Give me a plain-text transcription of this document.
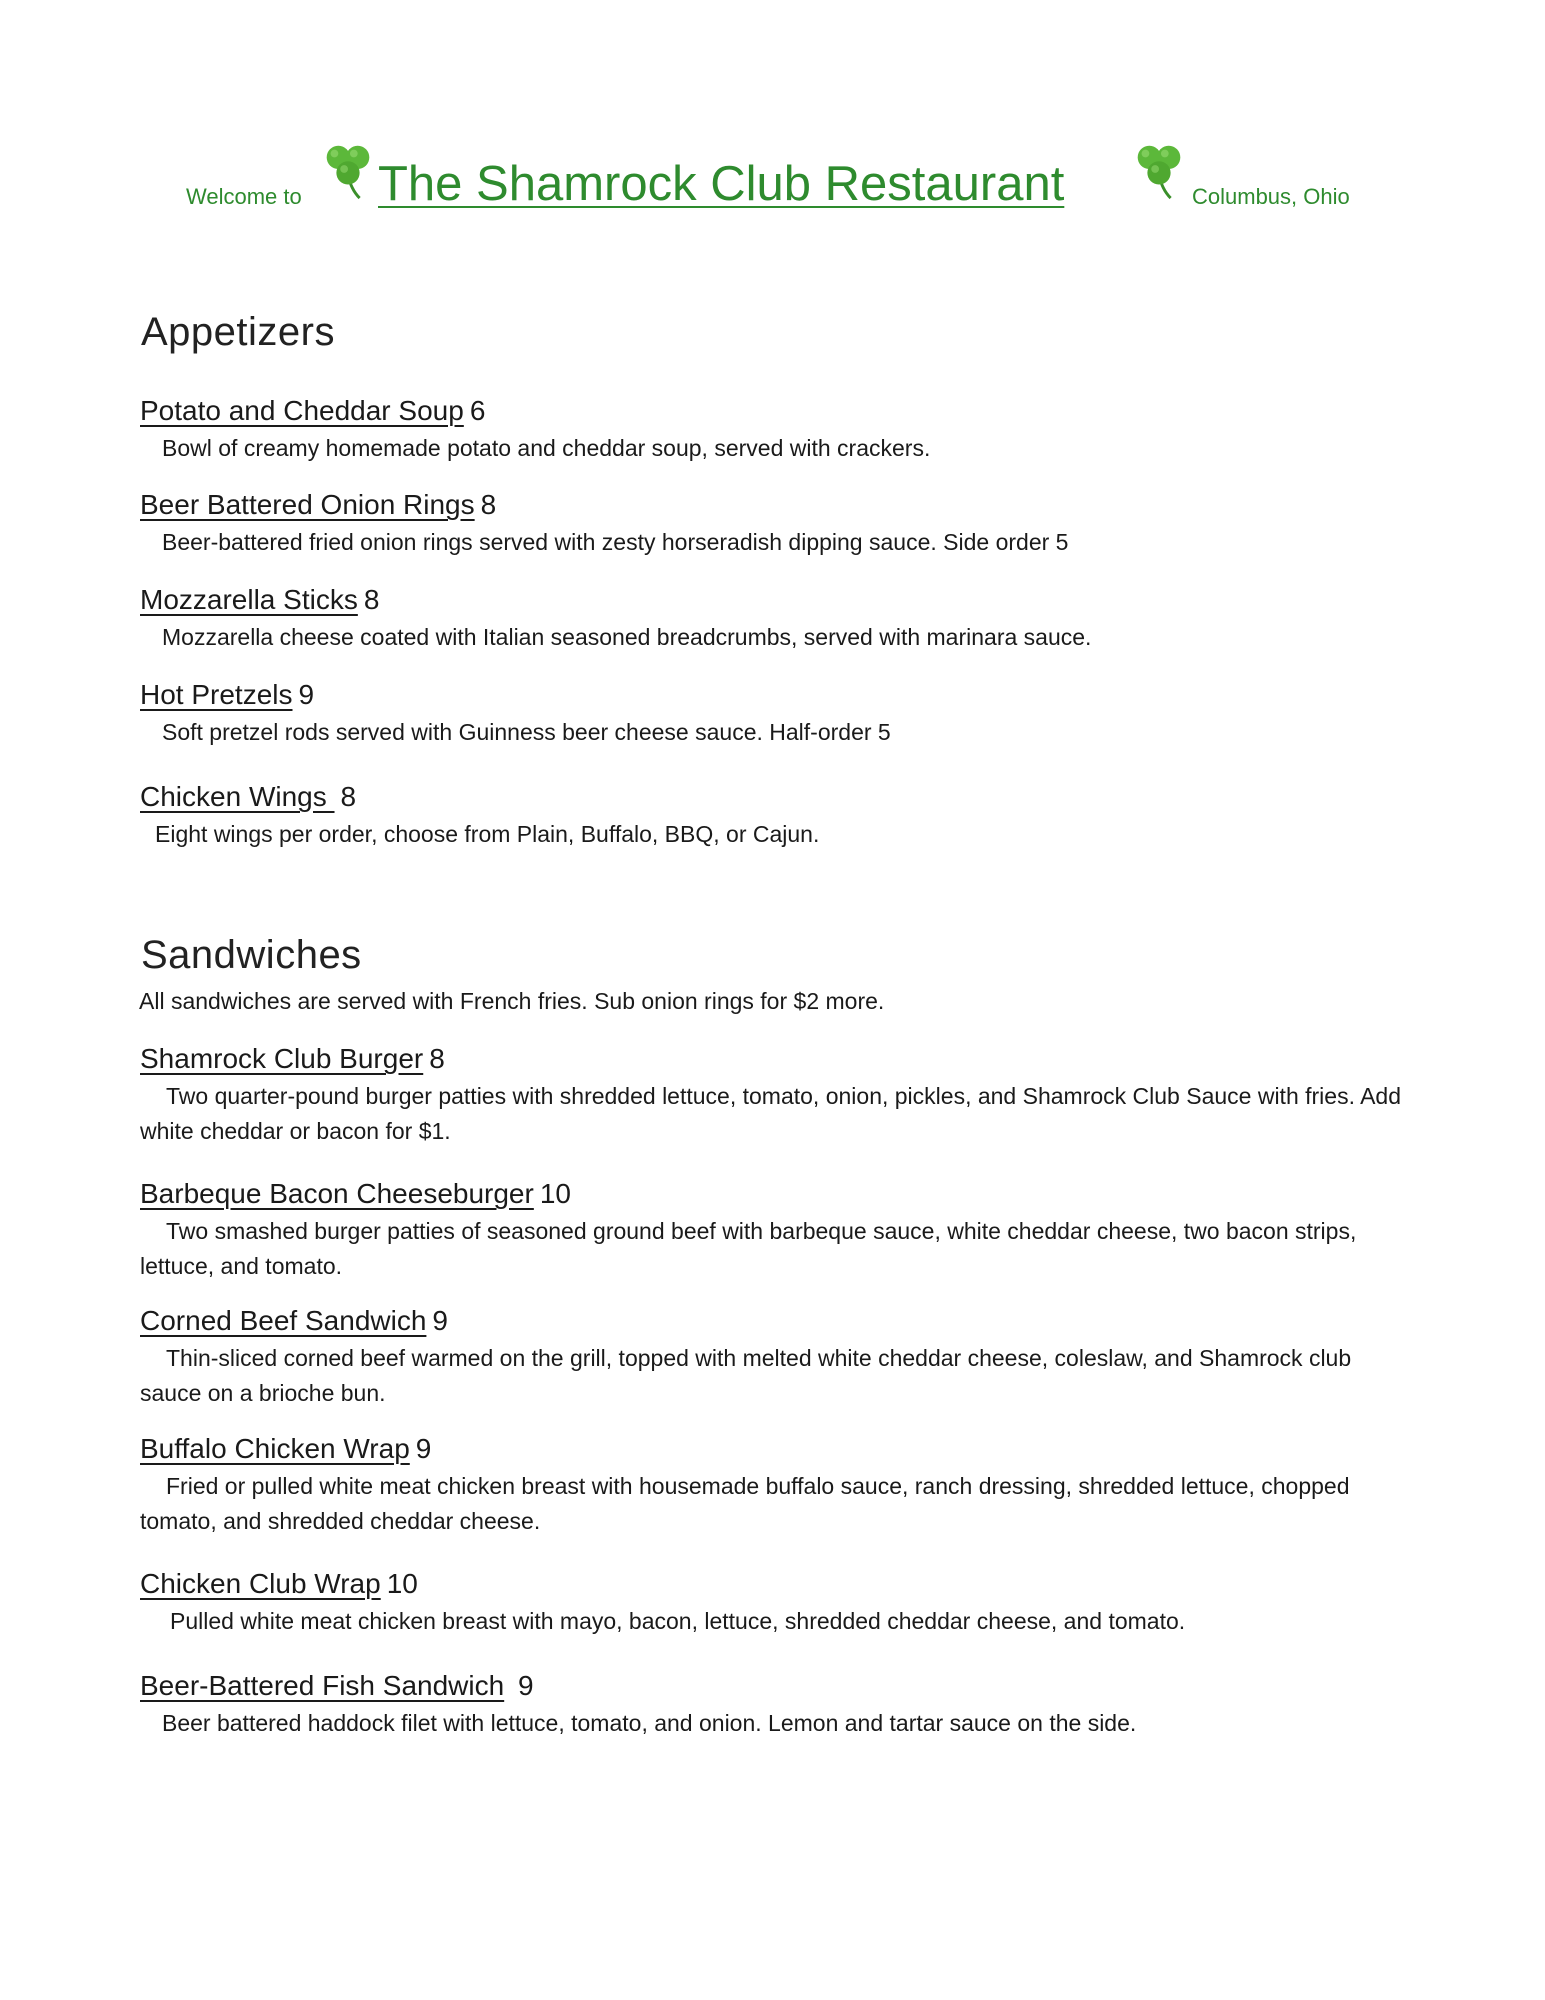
Welcome to The Shamrock Club Restaurant	Columbus, Ohio
Appetizers
Potato and Cheddar Soup 6
Bowl of creamy homemade potato and cheddar soup, served with crackers.
Beer Battered Onion Rings 8
Beer-battered fried onion rings served with zesty horseradish dipping sauce. Side order 5
Mozzarella Sticks 8
Mozzarella cheese coated with Italian seasoned breadcrumbs, served with marinara sauce.
Hot Pretzels 9
Soft pretzel rods served with Guinness beer cheese sauce. Half-order 5
Chicken Wings 8
Eight wings per order, choose from Plain, Buffalo, BBQ, or Cajun.
Sandwiches
All sandwiches are served with French fries. Sub onion rings for $2 more.
Shamrock Club Burger 8
Two quarter-pound burger patties with shredded lettuce, tomato, onion, pickles, and Shamrock Club Sauce with fries. Add white cheddar or bacon for $1.
Barbeque Bacon Cheeseburger 10
Two smashed burger patties of seasoned ground beef with barbeque sauce, white cheddar cheese, two bacon strips, lettuce, and tomato.
Corned Beef Sandwich 9
Thin-sliced corned beef warmed on the grill, topped with melted white cheddar cheese, coleslaw, and Shamrock club sauce on a brioche bun.
Buffalo Chicken Wrap 9
Fried or pulled white meat chicken breast with housemade buffalo sauce, ranch dressing, shredded lettuce, chopped tomato, and shredded cheddar cheese.
Chicken Club Wrap 10
Pulled white meat chicken breast with mayo, bacon, lettuce, shredded cheddar cheese, and tomato.
Beer-Battered Fish Sandwich 9
Beer battered haddock filet with lettuce, tomato, and onion. Lemon and tartar sauce on the side.
